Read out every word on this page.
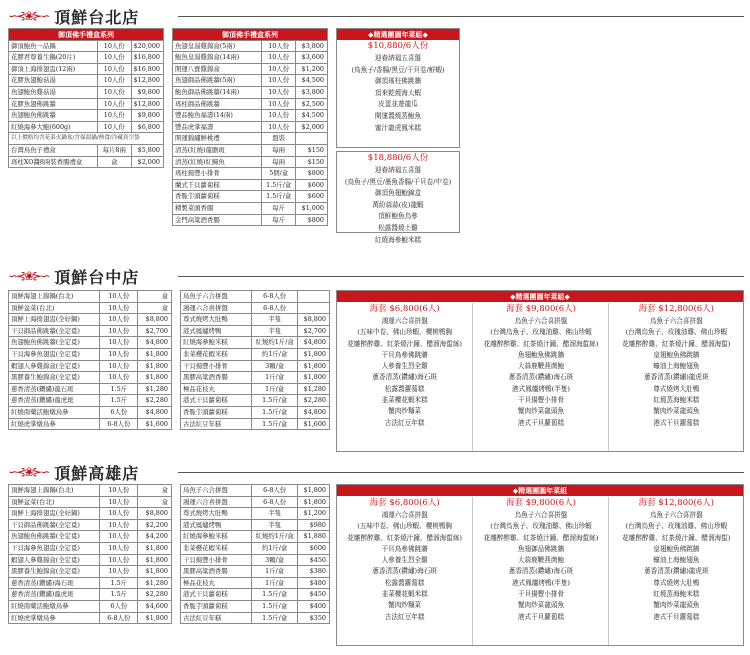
∽⊰❀⊱∽ 頂鮮台北店
御頂佛手禮盒系列		
御頂鮑魚一品鍋	10人份	$20,000
花膠君尊養生鍋(20片)	10人份	$16,800
御頂上海排翅盅(12兩)	10人份	$16,800
花膠魚翅鮑菇湯	10人份	$12,800
魚翅鮑魚雞菇湯	10人份	$9,800
花膠魚翅佛跳牆	10人份	$12,800
魚翅鮑魚佛跳牆	10人份	$9,800
紅燒海參大鮑(600g)	10人份	$6,800
以上價格均含花菜火鍋盆/含保溫鍋/熱食/冷藏真空袋		
台灣鳥魚子禮盒	每片8兩	$5,800
瑤柱XO醬8兩裝香腸禮盒	盒	$2,000
御頂佛手禮盒系列		
魚翅皇湯雞錦盒(5兩)	10人份	$3,800
鮑魚皇湯雞錦盒(14兩)	10人份	$3,600
開運八寶雞錦盒	10人份	$1,200
魚翅御品佛跳牆(5兩)	10人份	$4,500
鮑魚御品佛跳牆(14兩)	10人份	$3,800
瑤柱御品佛跳牆	10人份	$2,500
豐品鮑魚福壽(14兩)	10人份	$4,500
豐品虎掌福壽	10人份	$2,000
開運錦繡鮮桃禮	盤裝	
清蒸(紅燒)龍膽斑	每兩	$150
清蒸(紅燒)紅鱘魚	每兩	$150
瑤柱揚豐小排骨	5個/盒	$800
蘭式千貝蘿蔔糕	1.5斤/盒	$600
香脆芋頭蘿蔔糕	1.5斤/盒	$600
精製菜頭香腸	每斤	$1,000
金門高粱酒香腸	每斤	$800
◆精選團圓年菜組◆
$10,880/6人份
迎春納福五喜盤
(鳥魚子/香腸/黑豆/干貝卷/鮮蝦)
御頂瑤柱佛跳牆
頂來乾燒海大蝦
皮蛋韭遊龍瓜
開運醬燒蒸鮑魚
蜜汁龍虎鳳米糕
$18,880/6人份
迎春納福五喜盤
(鳥魚子/黑豆/墨魚香腸/干貝卷/中卷)
御頂魚翅鮑錦盒
萬紛蒜蒜(皮)龍蝦
頂鮮鮑魚烏參
松露醬燒土雞
紅燒海參鮑米糕
∽⊰❀⊱∽ 頂鮮台中店
頂鮮海翅上錦鍋(台北)	10人份	盒
頂鮮盆菜(台北)	10人份	盒
頂鮮上海排翅盅(全好鍋)	10人份	$8,800
干貝御品佛跳牆(全定覓)	10人份	$2,700
魚翅鮑魚佛跳牆(全定覓)	10人份	$4,800
干貝海參魚翅盅(全定覓)	10人份	$1,800
蝦翅人參雞錦盒(全定覓)	10人份	$1,800
黑膠養生鮑錦盒(全定覓)	10人份	$1,800
蔥香清蒸(鑽繡)龍石斑	1.5斤	$1,280
蔥香清蒸(鑽繡)龍虎斑	1.5斤	$2,280
紅燒南藥活鮑燉烏參	6人份	$4,800
紅燒虎掌燉烏參	6-8人份	$1,600
烏魚子六合拼盤	6-8人份	
鴻運六合喜拼盤	6-8人份	
尊式燒烤大肚鴨	半隻	$8,800
港式鳳爐烤鴨	半隻	$2,700
紅燒海參鮑米糕	紅燒約1斤/盒	$4,800
韭菜櫻花蝦米糕	約1斤/盒	$1,800
干貝揚豐小排骨	3顆/盒	$1,800
黑膠高粱酒香腸	1斤/盒	$1,800
極品花枝丸	1斤/盒	$1,280
港式干貝蘿蔔糕	1.5斤/盒	$2,280
香脆芋頭蘿蔔糕	1.5斤/盒	$4,800
古法紅豆年糕	1.5斤/盒	$1,600
◆精選團圓年菜組◆
海套 $6,800(6人)
鴻運六合喜拼盤
(五味中卷、佛山珍蝦、櫻桃鴨胸
花雕醉醉雞、紅茶燒汁鐘、醋溜海蜇絲)
干貝鳥參佛跳牆
人參養生烈全雞
蔥香清蒸(鑽繡)海石斑
松露醬蘿蔔糕
韭菜櫻花蝦米糕
蟹肉炒麵菜
古法紅豆年糕
海套 $9,800(6人)
烏魚子六合喜拼盤
(台灣烏魚子、玫瑰油雞、佛山珍蝦
花雕醉醉雞、紅茶燒汁鐘、醋溜海蜇絲)
魚翅鮑魚佛跳牆
大蒜鹿鞭燕菌鮑
蔥香清蒸(鑽繡)海石斑
港式鳳爐烤鴨(半隻)
干貝揚豐小排骨
蟹肉炒菜龍頭魚
港式干貝蘿蔔糕
海套 $12,800(6人)
烏魚子六合喜拼盤
(台灣烏魚子、玫瑰油雞、佛山珍蝦
花雕醉醉雞、紅茶燒汁鐘、醋溜海蜇)
皇翅鮑魚佛跳牆
蠔油上海鮑翅魚
蔥香清蒸(鑽繡)龍虎斑
尊式燒烤大肚鴨
紅燒蒸海鮑米糕
蟹肉炒菜龍頭魚
港式干貝蘿蔔糕
∽⊰❀⊱∽ 頂鮮高雄店
頂鮮海翅上錦鍋(台北)	10人份	盒
頂鮮盆菜(台北)	10人份	盒
頂鮮上海排翅盅(全好鍋)	10人份	$8,800
干貝御品佛跳牆(全定覓)	10人份	$2,200
魚翅鮑魚佛跳牆(全定覓)	10人份	$4,200
干貝海參魚翅盅(全定覓)	10人份	$1,800
蝦翅人參雞錦盒(全定覓)	10人份	$1,800
黑膠養生鮑錦盒(全定覓)	10人份	$1,800
蔥香清蒸(鑽繡)海石斑	1.5斤	$1,280
蔥香清蒸(鑽繡)龍虎斑	1.5斤	$2,280
紅燒南藥活鮑燉烏參	6人份	$4,600
紅燒虎掌燉烏參	6-8人份	$1,800
烏魚子六合拼盤	6-8人份	$1,800
鴻運六合喜拼盤	6-8人份	$1,800
尊式燒烤大肚鴨	半隻	$1,200
港式鳳爐烤鴨	半隻	$980
紅燒海參鮑米糕	紅燒約1斤/盒	$1,880
韭菜櫻花蝦米糕	約1斤/盒	$600
干貝揚豐小排骨	3顆/盒	$450
黑膠高粱酒香腸	1斤/盒	$380
極品花枝丸	1斤/盒	$480
港式干貝蘿蔔糕	1.5斤/盒	$450
香脆芋頭蘿蔔糕	1.5斤/盒	$400
古法紅豆年糕	1.5斤/盒	$350
◆精選團圓年菜組
海套 $6,800(6人)
鴻運六合喜拼盤
(五味中卷、佛山珍蝦、櫻桃鴨胸
花雕醉醉雞、紅茶燒汁鐘、醋溜海蜇絲)
干貝鳥參佛跳牆
人參養生烈全雞
蔥香清蒸(鑽繡)海石斑
松露醬蘿蔔糕
韭菜櫻花蝦米糕
蟹肉炒麵菜
古法紅豆年糕
海套 $9,800(6人)
烏魚子六合喜拼盤
(台灣烏魚子、玫瑰油雞、佛山珍蝦
花雕醉醉雞、紅茶燒汁鐘、醋溜海蜇絲)
魚翅御品佛跳牆
大蒜鹿鞭燕菌鮑
蔥香清蒸(鑽繡)海石斑
港式鳳爐烤鴨(半隻)
干貝揚豐小排骨
蟹肉炒菜龍頭魚
港式干貝蘿蔔糕
海套 $12,800(6人)
烏魚子六合喜拼盤
(台灣烏魚子、玫瑰油雞、佛山珍蝦
花雕醉醉雞、紅茶燒汁鐘、醋溜海蜇)
皇翅鮑魚佛跳牆
蠔油上海鮑翅魚
蔥香清蒸(鑽繡)龍虎斑
尊式燒烤大肚鴨
紅燒蒸海鮑米糕
蟹肉炒菜龍頭魚
港式干貝蘿蔔糕
